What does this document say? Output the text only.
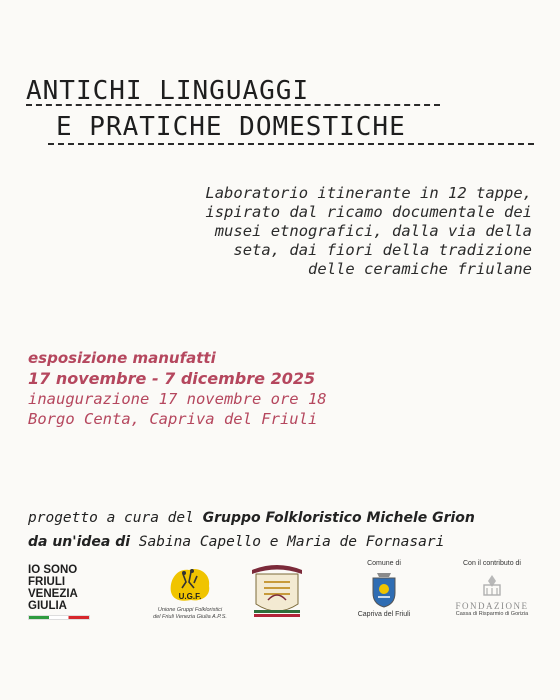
ANTICHI LINGUAGGI
E PRATICHE DOMESTICHE
Laboratorio itinerante in 12 tappe,
ispirato dal ricamo documentale dei
musei etnografici, dalla via della
seta, dai fiori della tradizione
delle ceramiche friulane
esposizione manufatti
17 novembre - 7 dicembre 2025
inaugurazione 17 novembre ore 18
Borgo Centa, Capriva del Friuli
progetto a cura del Gruppo Folkloristico Michele Grion
da un'idea di Sabina Capello e Maria de Fornasari
IO SONO
FRIULI
VENEZIA
GIULIA
U.G.F.
Unione Gruppi Folkloristici
del Friuli Venezia Giulia A.P.S.
Comune di
Capriva del Friuli
Con il contributo di
FONDAZIONE
Cassa di Risparmio di Gorizia
